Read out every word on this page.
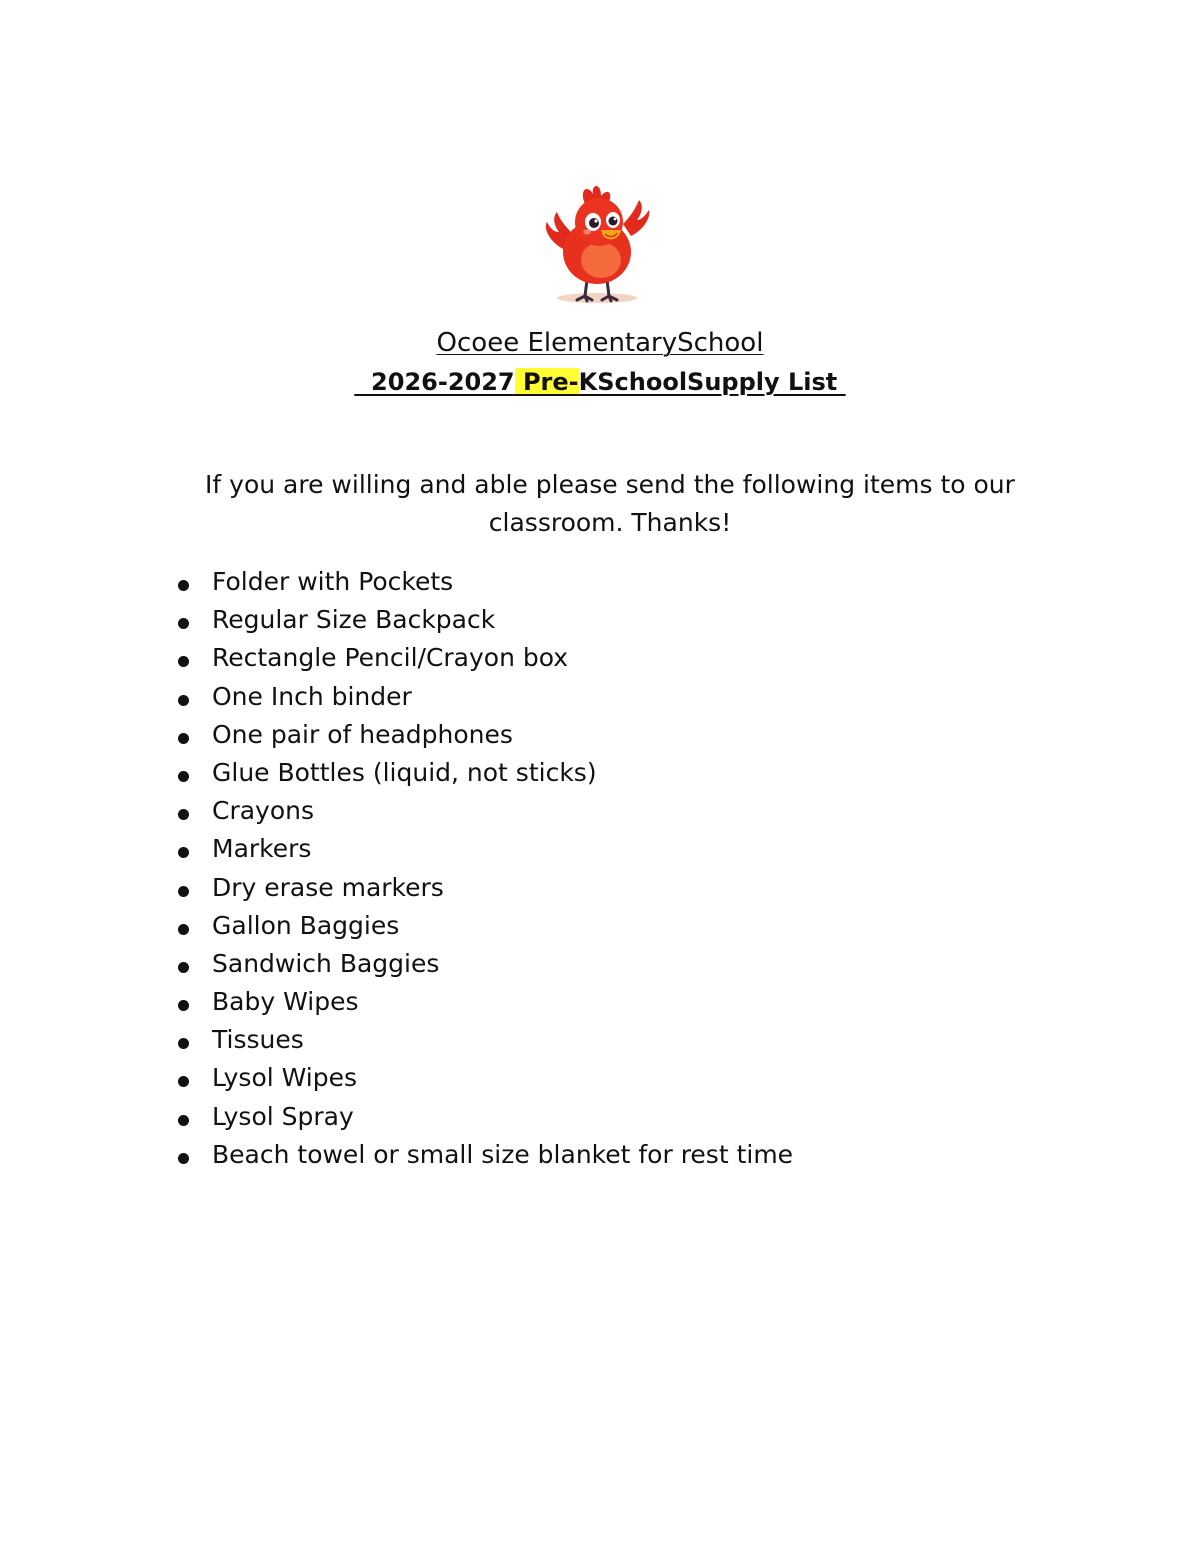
Ocoee ElementarySchool
2026-2027 Pre-KSchoolSupply List
If you are willing and able please send the following items to our classroom. Thanks!
Folder with Pockets
Regular Size Backpack
Rectangle Pencil/Crayon box
One Inch binder
One pair of headphones
Glue Bottles (liquid, not sticks)
Crayons
Markers
Dry erase markers
Gallon Baggies
Sandwich Baggies
Baby Wipes
Tissues
Lysol Wipes
Lysol Spray
Beach towel or small size blanket for rest time
